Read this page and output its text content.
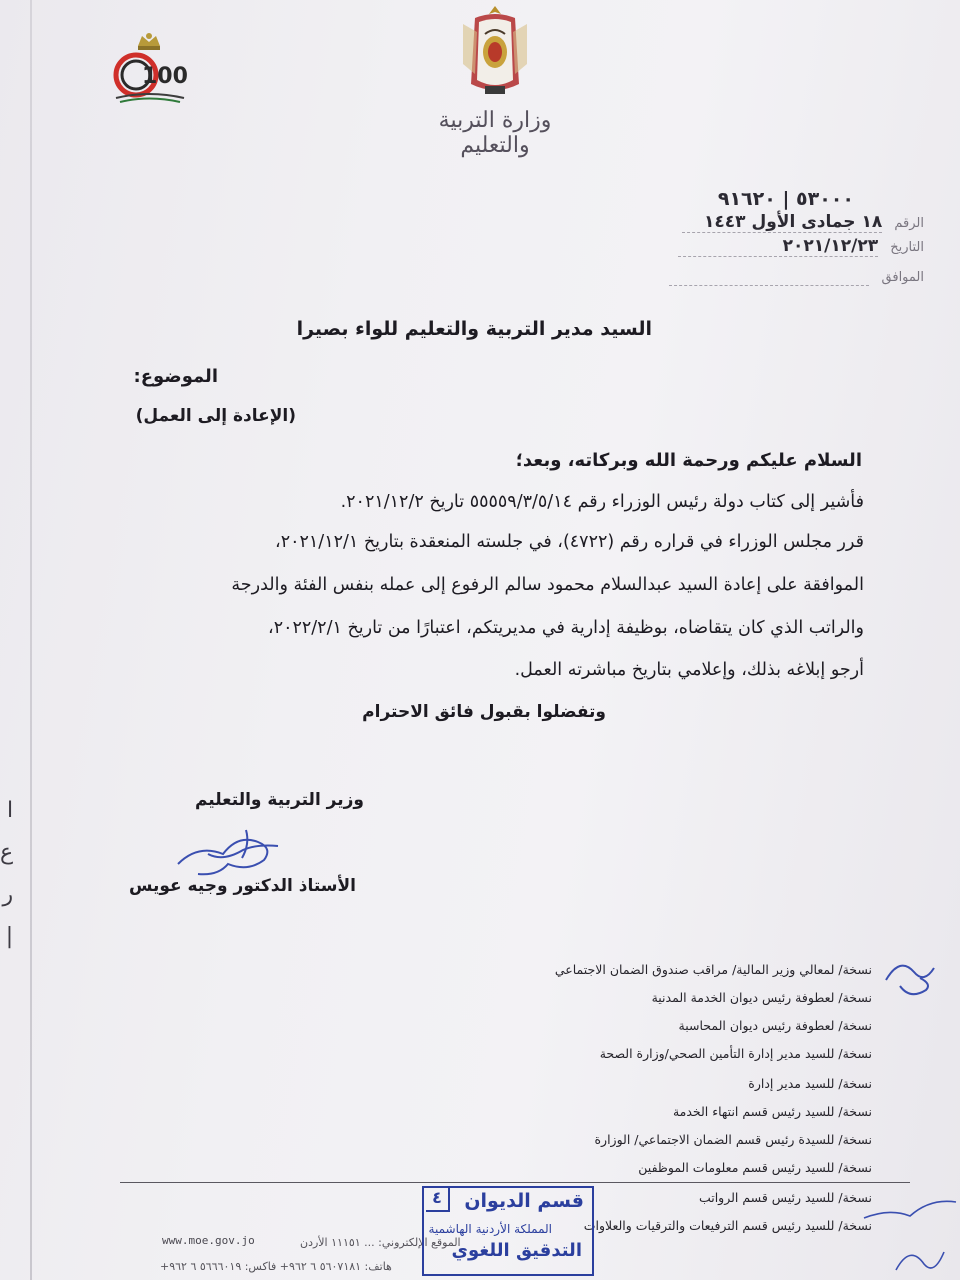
ا
ع
ر
|
100
وزارة التربية والتعليم
٥٣٠٠٠ | ٩١٦٢٠
الرقم ١٨ جمادى الأول ١٤٤٣
التاريخ ٢٠٢١/١٢/٢٣
الموافق
السيد مدير التربية والتعليم للواء بصيرا
الموضوع:
(الإعادة إلى العمل)
السلام عليكم ورحمة الله وبركاته، وبعد؛
فأشير إلى كتاب دولة رئيس الوزراء رقم ٥٥٥٥٩/٣/٥/١٤ تاريخ ٢٠٢١/١٢/٢.
قرر مجلس الوزراء في قراره رقم (٤٧٢٢)، في جلسته المنعقدة بتاريخ ٢٠٢١/١٢/١،
الموافقة على إعادة السيد عبدالسلام محمود سالم الرفوع إلى عمله بنفس الفئة والدرجة
والراتب الذي كان يتقاضاه، بوظيفة إدارية في مديريتكم، اعتبارًا من تاريخ ٢٠٢٢/٢/١،
أرجو إبلاغه بذلك، وإعلامي بتاريخ مباشرته العمل.
وتفضلوا بقبول فائق الاحترام
وزير التربية والتعليم
الأستاذ الدكتور وجيه عويس
نسخة/ لمعالي وزير المالية/ مراقب صندوق الضمان الاجتماعي
نسخة/ لعطوفة رئيس ديوان الخدمة المدنية
نسخة/ لعطوفة رئيس ديوان المحاسبة
نسخة/ للسيد مدير إدارة التأمين الصحي/وزارة الصحة
نسخة/ للسيد مدير إدارة
نسخة/ للسيد رئيس قسم انتهاء الخدمة
نسخة/ للسيدة رئيس قسم الضمان الاجتماعي/ الوزارة
نسخة/ للسيد رئيس قسم معلومات الموظفين
نسخة/ للسيد رئيس قسم الرواتب
نسخة/ للسيد رئيس قسم الترفيعات والترقيات والعلاوات
www.moe.gov.jo	الموقع الإلكتروني: ... ١١١٥١ الأردن
هاتف: ٥٦٠٧١٨١ ٦ ٩٦٢+ فاكس: ٥٦٦٦٠١٩ ٦ ٩٦٢+
٤	قسم الديوان
المملكة الأردنية الهاشمية
التدقيق اللغوي
